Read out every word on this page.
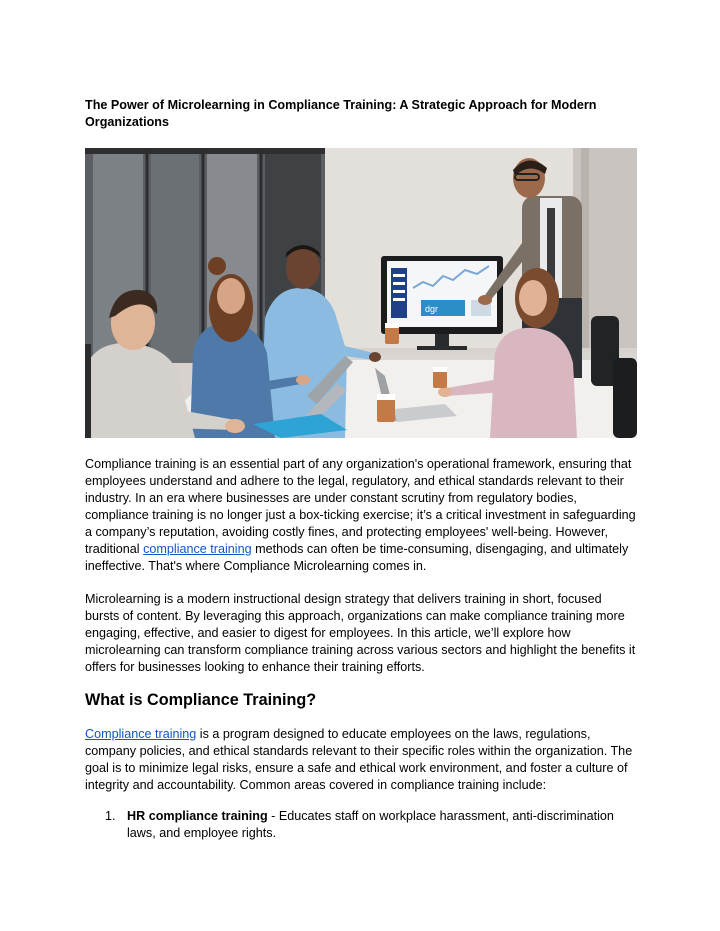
The Power of Microlearning in Compliance Training: A Strategic Approach for Modern Organizations
dgr

Compliance training is an essential part of any organization's operational framework, ensuring that employees understand and adhere to the legal, regulatory, and ethical standards relevant to their industry. In an era where businesses are under constant scrutiny from regulatory bodies, compliance training is no longer just a box-ticking exercise; it’s a critical investment in safeguarding a company’s reputation, avoiding costly fines, and protecting employees' well-being. However, traditional compliance training methods can often be time-consuming, disengaging, and ultimately ineffective. That's where Compliance Microlearning comes in.

Microlearning is a modern instructional design strategy that delivers training in short, focused bursts of content. By leveraging this approach, organizations can make compliance training more engaging, effective, and easier to digest for employees. In this article, we’ll explore how microlearning can transform compliance training across various sectors and highlight the benefits it offers for businesses looking to enhance their training efforts.

What is Compliance Training?

Compliance training is a program designed to educate employees on the laws, regulations, company policies, and ethical standards relevant to their specific roles within the organization. The goal is to minimize legal risks, ensure a safe and ethical work environment, and foster a culture of integrity and accountability. Common areas covered in compliance training include:

1. HR compliance training - Educates staff on workplace harassment, anti-discrimination laws, and employee rights.
